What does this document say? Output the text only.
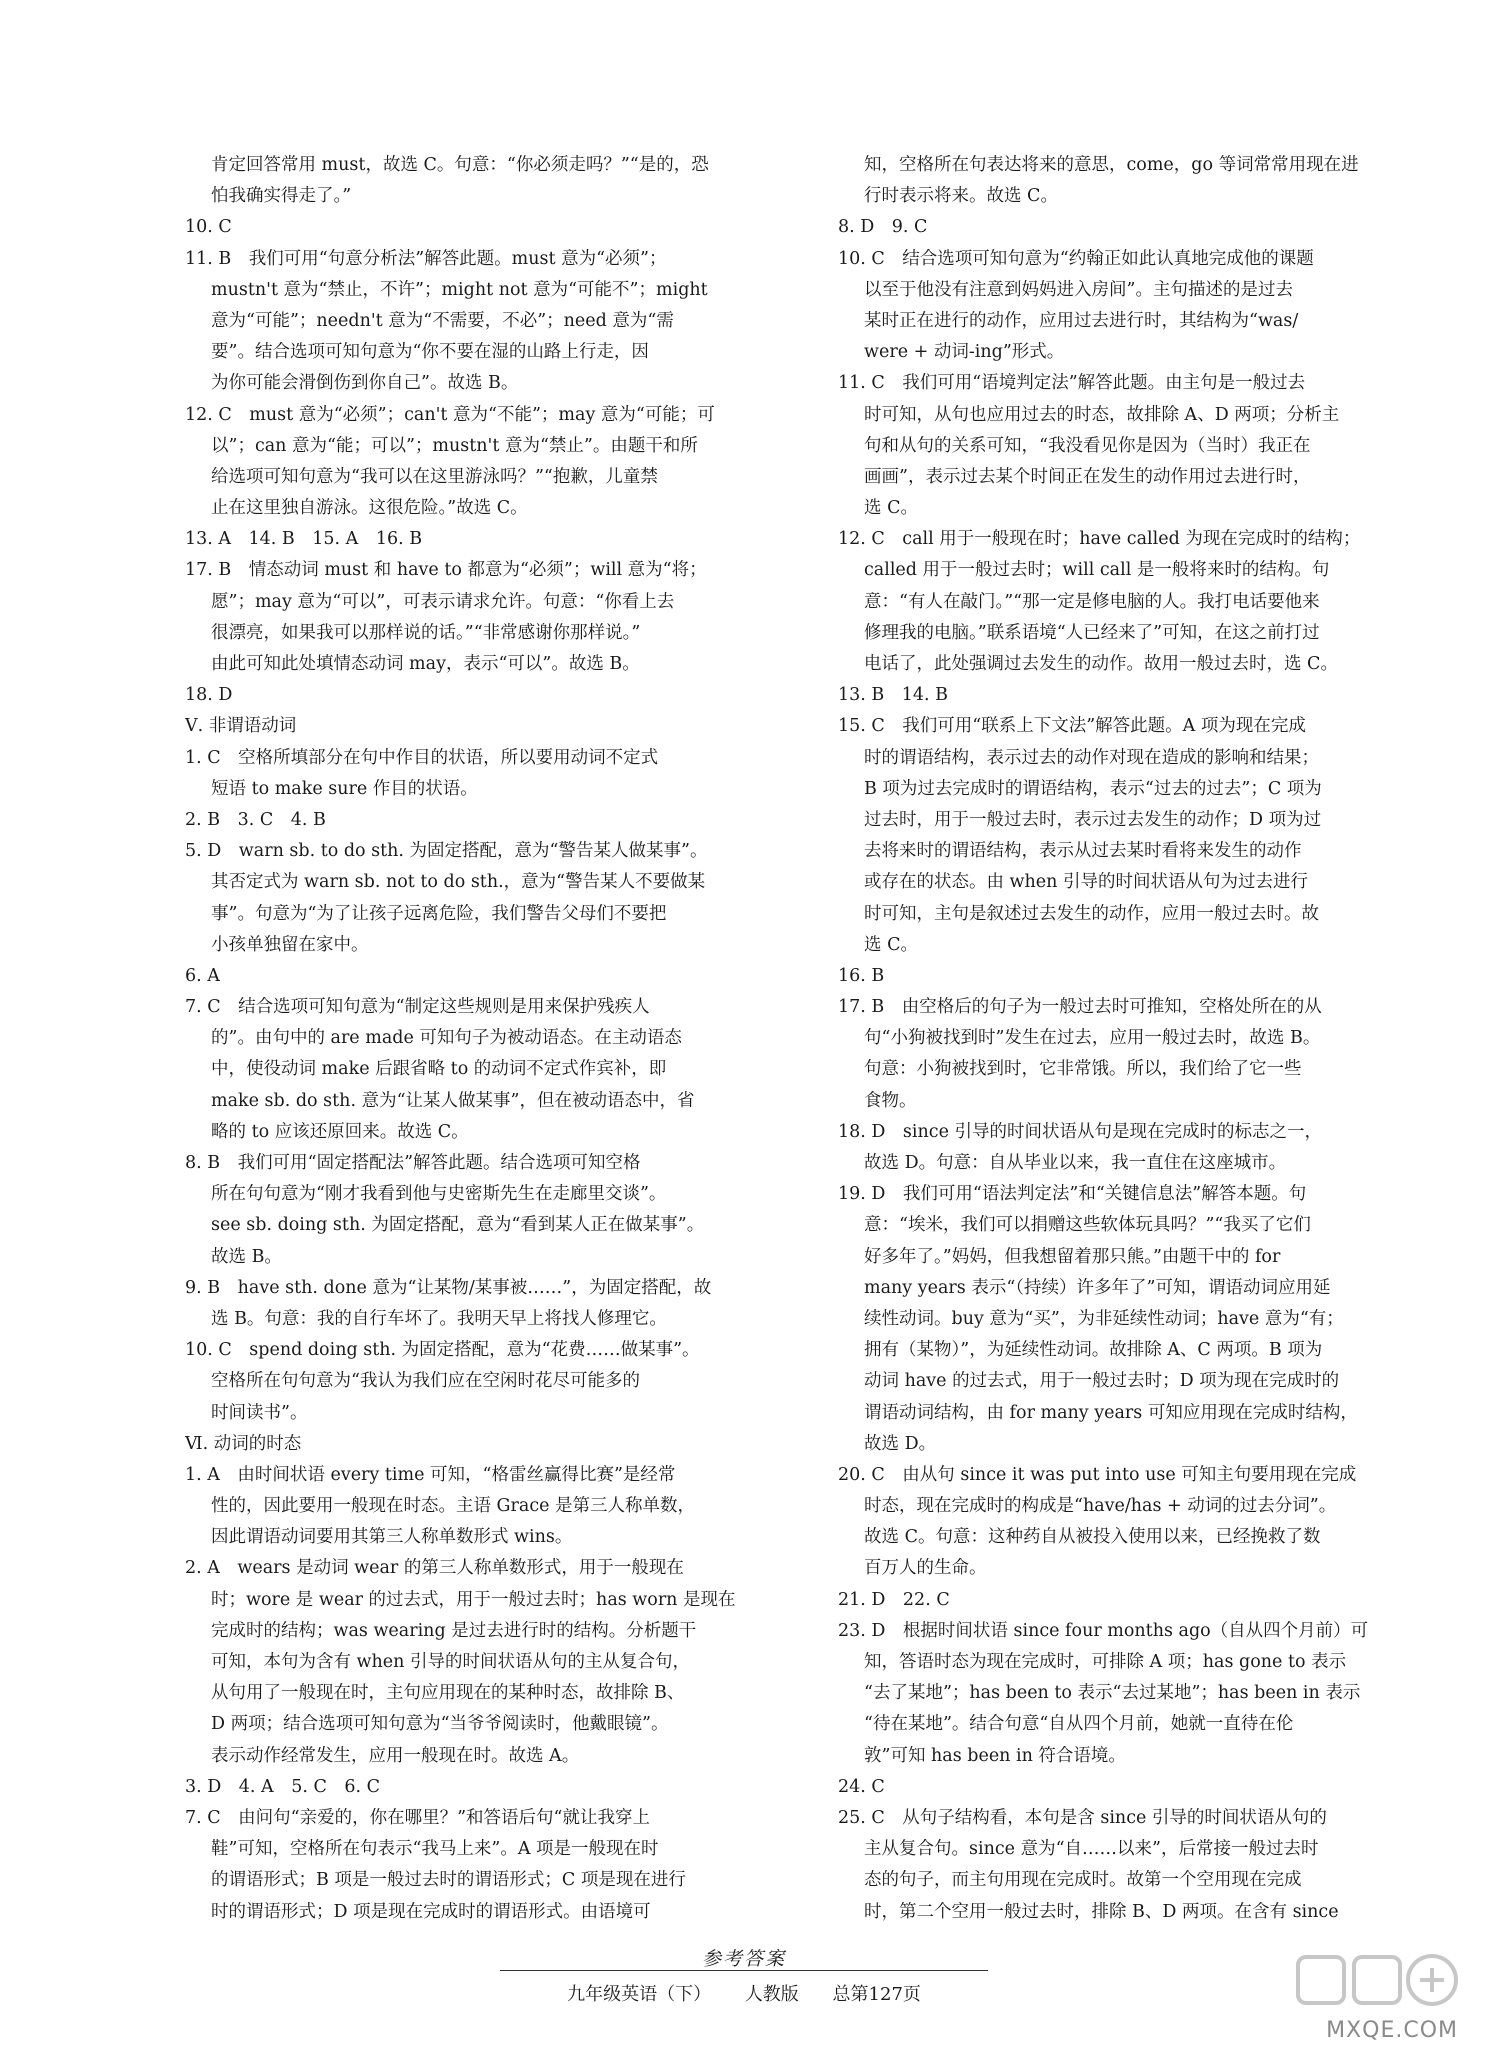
肯定回答常用 must，故选 C。句意：“你必须走吗？”“是的，恐
怕我确实得走了。”
10. C
11. B　我们可用“句意分析法”解答此题。must 意为“必须”；
mustn't 意为“禁止，不许”；might not 意为“可能不”；might
意为“可能”；needn't 意为“不需要，不必”；need 意为“需
要”。结合选项可知句意为“你不要在湿的山路上行走，因
为你可能会滑倒伤到你自己”。故选 B。
12. C　must 意为“必须”；can't 意为“不能”；may 意为“可能；可
以”；can 意为“能；可以”；mustn't 意为“禁止”。由题干和所
给选项可知句意为“我可以在这里游泳吗？”“抱歉，儿童禁
止在这里独自游泳。这很危险。”故选 C。
13. A　14. B　15. A　16. B
17. B　情态动词 must 和 have to 都意为“必须”；will 意为“将；
愿”；may 意为“可以”，可表示请求允许。句意：“你看上去
很漂亮，如果我可以那样说的话。”“非常感谢你那样说。”
由此可知此处填情态动词 may，表示“可以”。故选 B。
18. D
Ⅴ. 非谓语动词
1. C　空格所填部分在句中作目的状语，所以要用动词不定式
短语 to make sure 作目的状语。
2. B　3. C　4. B
5. D　warn sb. to do sth. 为固定搭配，意为“警告某人做某事”。
其否定式为 warn sb. not to do sth.，意为“警告某人不要做某
事”。句意为“为了让孩子远离危险，我们警告父母们不要把
小孩单独留在家中。
6. A
7. C　结合选项可知句意为“制定这些规则是用来保护残疾人
的”。由句中的 are made 可知句子为被动语态。在主动语态
中，使役动词 make 后跟省略 to 的动词不定式作宾补，即
make sb. do sth. 意为“让某人做某事”，但在被动语态中，省
略的 to 应该还原回来。故选 C。
8. B　我们可用“固定搭配法”解答此题。结合选项可知空格
所在句句意为“刚才我看到他与史密斯先生在走廊里交谈”。
see sb. doing sth. 为固定搭配，意为“看到某人正在做某事”。
故选 B。
9. B　have sth. done 意为“让某物/某事被……”，为固定搭配，故
选 B。句意：我的自行车坏了。我明天早上将找人修理它。
10. C　spend doing sth. 为固定搭配，意为“花费……做某事”。
空格所在句句意为“我认为我们应在空闲时花尽可能多的
时间读书”。
Ⅵ. 动词的时态
1. A　由时间状语 every time 可知，“格雷丝赢得比赛”是经常
性的，因此要用一般现在时态。主语 Grace 是第三人称单数，
因此谓语动词要用其第三人称单数形式 wins。
2. A　wears 是动词 wear 的第三人称单数形式，用于一般现在
时；wore 是 wear 的过去式，用于一般过去时；has worn 是现在
完成时的结构；was wearing 是过去进行时的结构。分析题干
可知，本句为含有 when 引导的时间状语从句的主从复合句，
从句用了一般现在时，主句应用现在的某种时态，故排除 B、
D 两项；结合选项可知句意为“当爷爷阅读时，他戴眼镜”。
表示动作经常发生，应用一般现在时。故选 A。
3. D　4. A　5. C　6. C
7. C　由问句“亲爱的，你在哪里？”和答语后句“就让我穿上
鞋”可知，空格所在句表示“我马上来”。A 项是一般现在时
的谓语形式；B 项是一般过去时的谓语形式；C 项是现在进行
时的谓语形式；D 项是现在完成时的谓语形式。由语境可
知，空格所在句表达将来的意思，come，go 等词常常用现在进
行时表示将来。故选 C。
8. D　9. C
10. C　结合选项可知句意为“约翰正如此认真地完成他的课题
以至于他没有注意到妈妈进入房间”。主句描述的是过去
某时正在进行的动作，应用过去进行时，其结构为“was/
were + 动词-ing”形式。
11. C　我们可用“语境判定法”解答此题。由主句是一般过去
时可知，从句也应用过去的时态，故排除 A、D 两项；分析主
句和从句的关系可知，“我没看见你是因为（当时）我正在
画画”，表示过去某个时间正在发生的动作用过去进行时，
选 C。
12. C　call 用于一般现在时；have called 为现在完成时的结构；
called 用于一般过去时；will call 是一般将来时的结构。句
意：“有人在敲门。”“那一定是修电脑的人。我打电话要他来
修理我的电脑。”联系语境“人已经来了”可知，在这之前打过
电话了，此处强调过去发生的动作。故用一般过去时，选 C。
13. B　14. B
15. C　我们可用“联系上下文法”解答此题。A 项为现在完成
时的谓语结构，表示过去的动作对现在造成的影响和结果；
B 项为过去完成时的谓语结构，表示“过去的过去”；C 项为
过去时，用于一般过去时，表示过去发生的动作；D 项为过
去将来时的谓语结构，表示从过去某时看将来发生的动作
或存在的状态。由 when 引导的时间状语从句为过去进行
时可知，主句是叙述过去发生的动作，应用一般过去时。故
选 C。
16. B
17. B　由空格后的句子为一般过去时可推知，空格处所在的从
句“小狗被找到时”发生在过去，应用一般过去时，故选 B。
句意：小狗被找到时，它非常饿。所以，我们给了它一些
食物。
18. D　since 引导的时间状语从句是现在完成时的标志之一，
故选 D。句意：自从毕业以来，我一直住在这座城市。
19. D　我们可用“语法判定法”和“关键信息法”解答本题。句
意：“埃米，我们可以捐赠这些软体玩具吗？”“我买了它们
好多年了。”妈妈，但我想留着那只熊。”由题干中的 for
many years 表示“（持续）许多年了”可知，谓语动词应用延
续性动词。buy 意为“买”，为非延续性动词；have 意为“有；
拥有（某物）”，为延续性动词。故排除 A、C 两项。B 项为
动词 have 的过去式，用于一般过去时；D 项为现在完成时的
谓语动词结构，由 for many years 可知应用现在完成时结构，
故选 D。
20. C　由从句 since it was put into use 可知主句要用现在完成
时态，现在完成时的构成是“have/has + 动词的过去分词”。
故选 C。句意：这种药自从被投入使用以来，已经挽救了数
百万人的生命。
21. D　22. C
23. D　根据时间状语 since four months ago（自从四个月前）可
知，答语时态为现在完成时，可排除 A 项；has gone to 表示
“去了某地”；has been to 表示“去过某地”；has been in 表示
“待在某地”。结合句意“自从四个月前，她就一直待在伦
敦”可知 has been in 符合语境。
24. C
25. C　从句子结构看，本句是含 since 引导的时间状语从句的
主从复合句。since 意为“自……以来”，后常接一般过去时
态的句子，而主句用现在完成时。故第一个空用现在完成
时，第二个空用一般过去时，排除 B、D 两项。在含有 since
参考答案
九年级英语（下） 人教版 总第127页
MXQE.COM
